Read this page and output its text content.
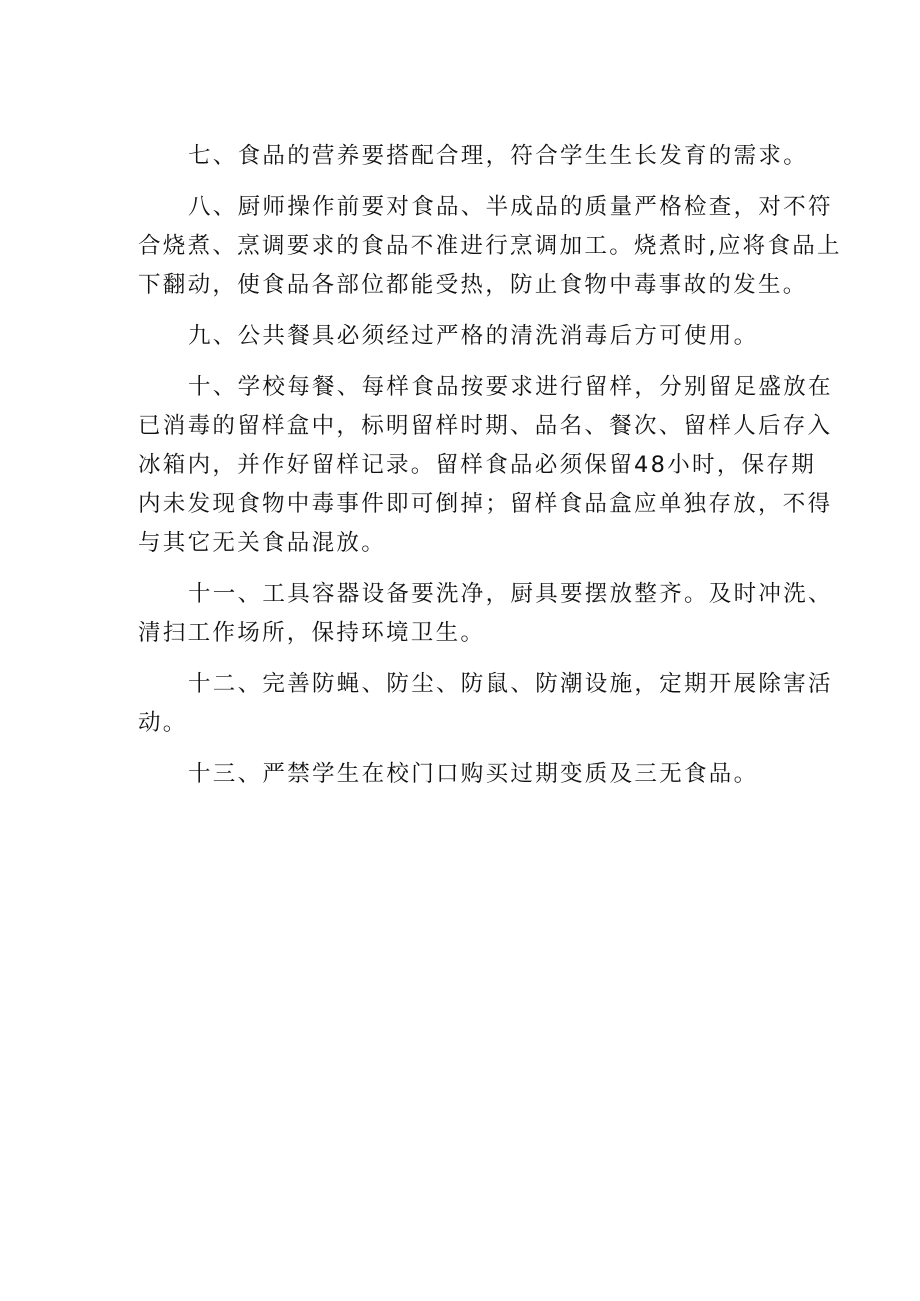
七、食品的营养要搭配合理，符合学生生长发育的需求。
八、厨师操作前要对食品、半成品的质量严格检查，对不符
合烧煮、烹调要求的食品不准进行烹调加工。烧煮时,应将食品上
下翻动，使食品各部位都能受热，防止食物中毒事故的发生。
九、公共餐具必须经过严格的清洗消毒后方可使用。
十、学校每餐、每样食品按要求进行留样，分别留足盛放在
已消毒的留样盒中，标明留样时期、品名、餐次、留样人后存入
冰箱内，并作好留样记录。留样食品必须保留48小时，保存期
内未发现食物中毒事件即可倒掉；留样食品盒应单独存放，不得
与其它无关食品混放。
十一、工具容器设备要洗净，厨具要摆放整齐。及时冲洗、
清扫工作场所，保持环境卫生。
十二、完善防蝇、防尘、防鼠、防潮设施，定期开展除害活
动。
十三、严禁学生在校门口购买过期变质及三无食品。
